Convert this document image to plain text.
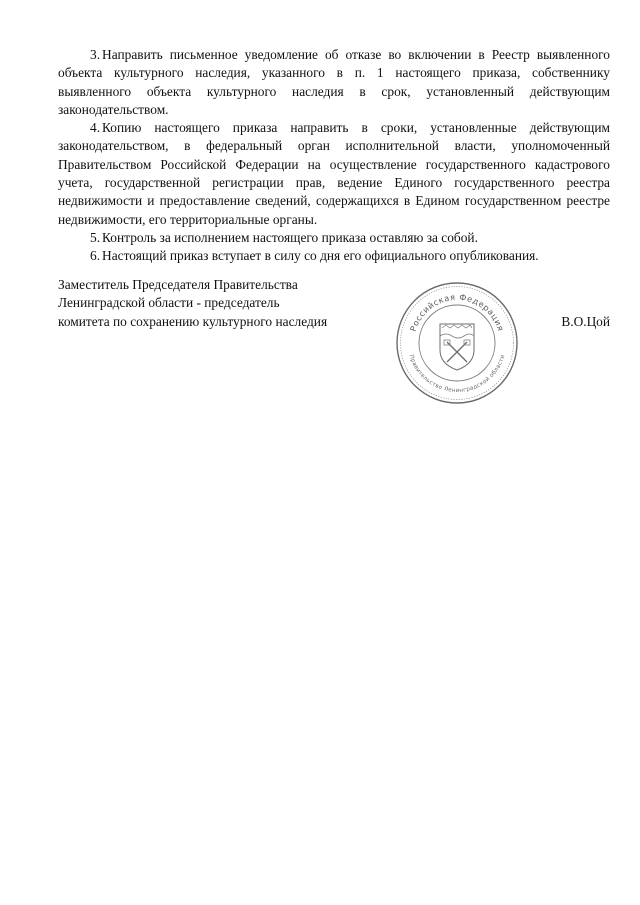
3. Направить письменное уведомление об отказе во включении в Реестр выявленного объекта культурного наследия, указанного в п. 1 настоящего приказа, собственнику выявленного объекта культурного наследия в срок, установленный действующим законодательством.

4. Копию настоящего приказа направить в сроки, установленные действующим законодательством, в федеральный орган исполнительной власти, уполномоченный Правительством Российской Федерации на осуществление государственного кадастрового учета, государственной регистрации прав, ведение Единого государственного реестра недвижимости и предоставление сведений, содержащихся в Едином государственном реестре недвижимости, его территориальные органы.

5. Контроль за исполнением настоящего приказа оставляю за собой.

6. Настоящий приказ вступает в силу со дня его официального опубликования.

Заместитель Председателя Правительства

Ленинградской области - председатель

комитета по сохранению культурного наследия	В.О.Цой
Российская Федерация
Правительство Ленинградской области
